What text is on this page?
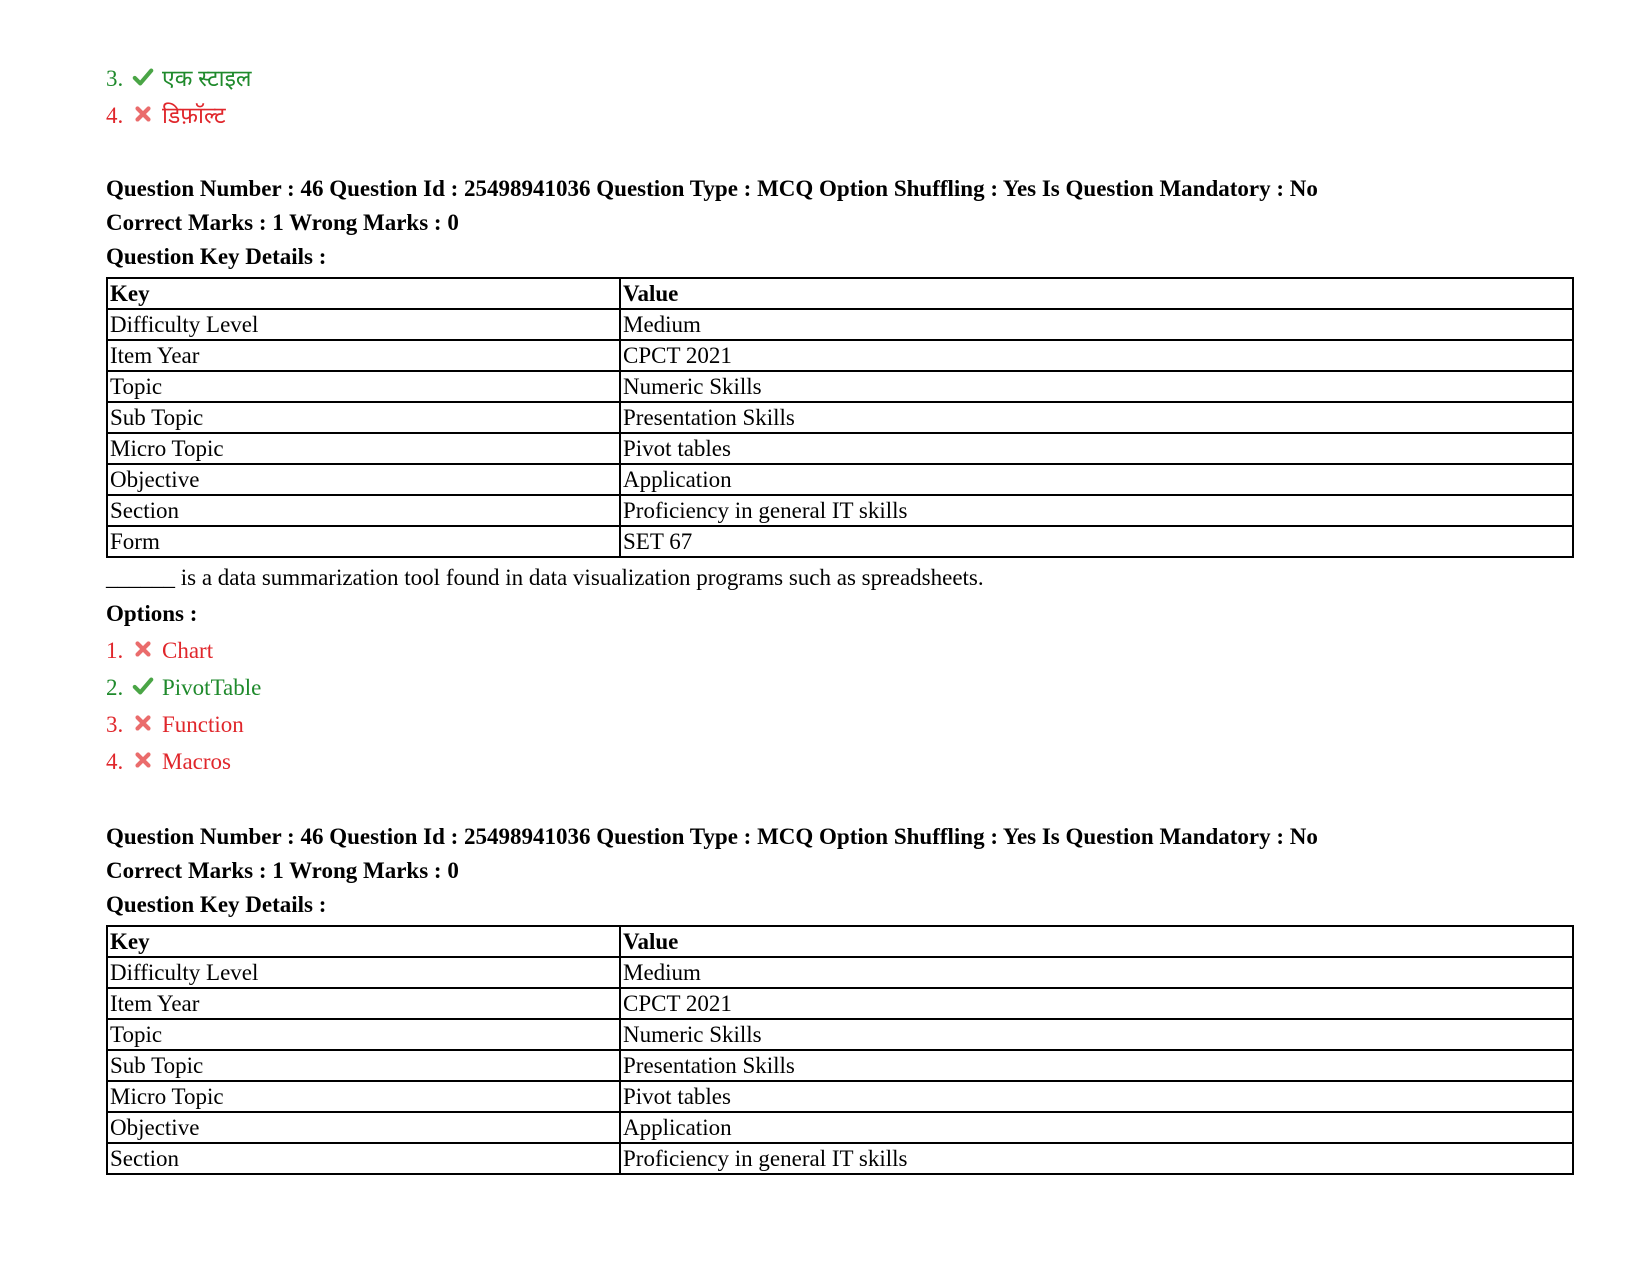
3.	एक स्टाइल
4.	डिफ़ॉल्ट
Question Number : 46 Question Id : 25498941036 Question Type : MCQ Option Shuffling : Yes Is Question Mandatory : No
Correct Marks : 1 Wrong Marks : 0
Question Key Details :
Key	Value
Difficulty Level	Medium
Item Year	CPCT 2021
Topic	Numeric Skills
Sub Topic	Presentation Skills
Micro Topic	Pivot tables
Objective	Application
Section	Proficiency in general IT skills
Form	SET 67
______ is a data summarization tool found in data visualization programs such as spreadsheets.
Options :
1.	Chart
2.	PivotTable
3.	Function
4.	Macros
Question Number : 46 Question Id : 25498941036 Question Type : MCQ Option Shuffling : Yes Is Question Mandatory : No
Correct Marks : 1 Wrong Marks : 0
Question Key Details :
Key	Value
Difficulty Level	Medium
Item Year	CPCT 2021
Topic	Numeric Skills
Sub Topic	Presentation Skills
Micro Topic	Pivot tables
Objective	Application
Section	Proficiency in general IT skills
